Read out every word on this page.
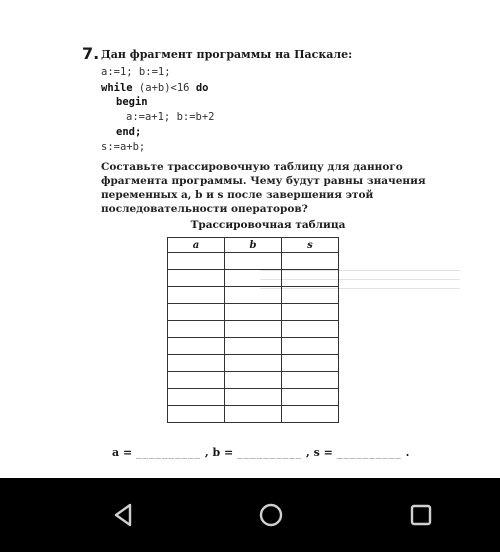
7. Дан фрагмент программы на Паскале:
a:=1; b:=1;
while (a+b)<16 do
begin
a:=a+1; b:=b+2
end;
s:=a+b;
Составьте трассировочную таблицу для данного фрагмента программы. Чему будут равны значения переменных a, b и s после завершения этой последовательности операторов?
Трассировочная таблица
a	b	s

a = __________ , b = __________ , s = __________ .
